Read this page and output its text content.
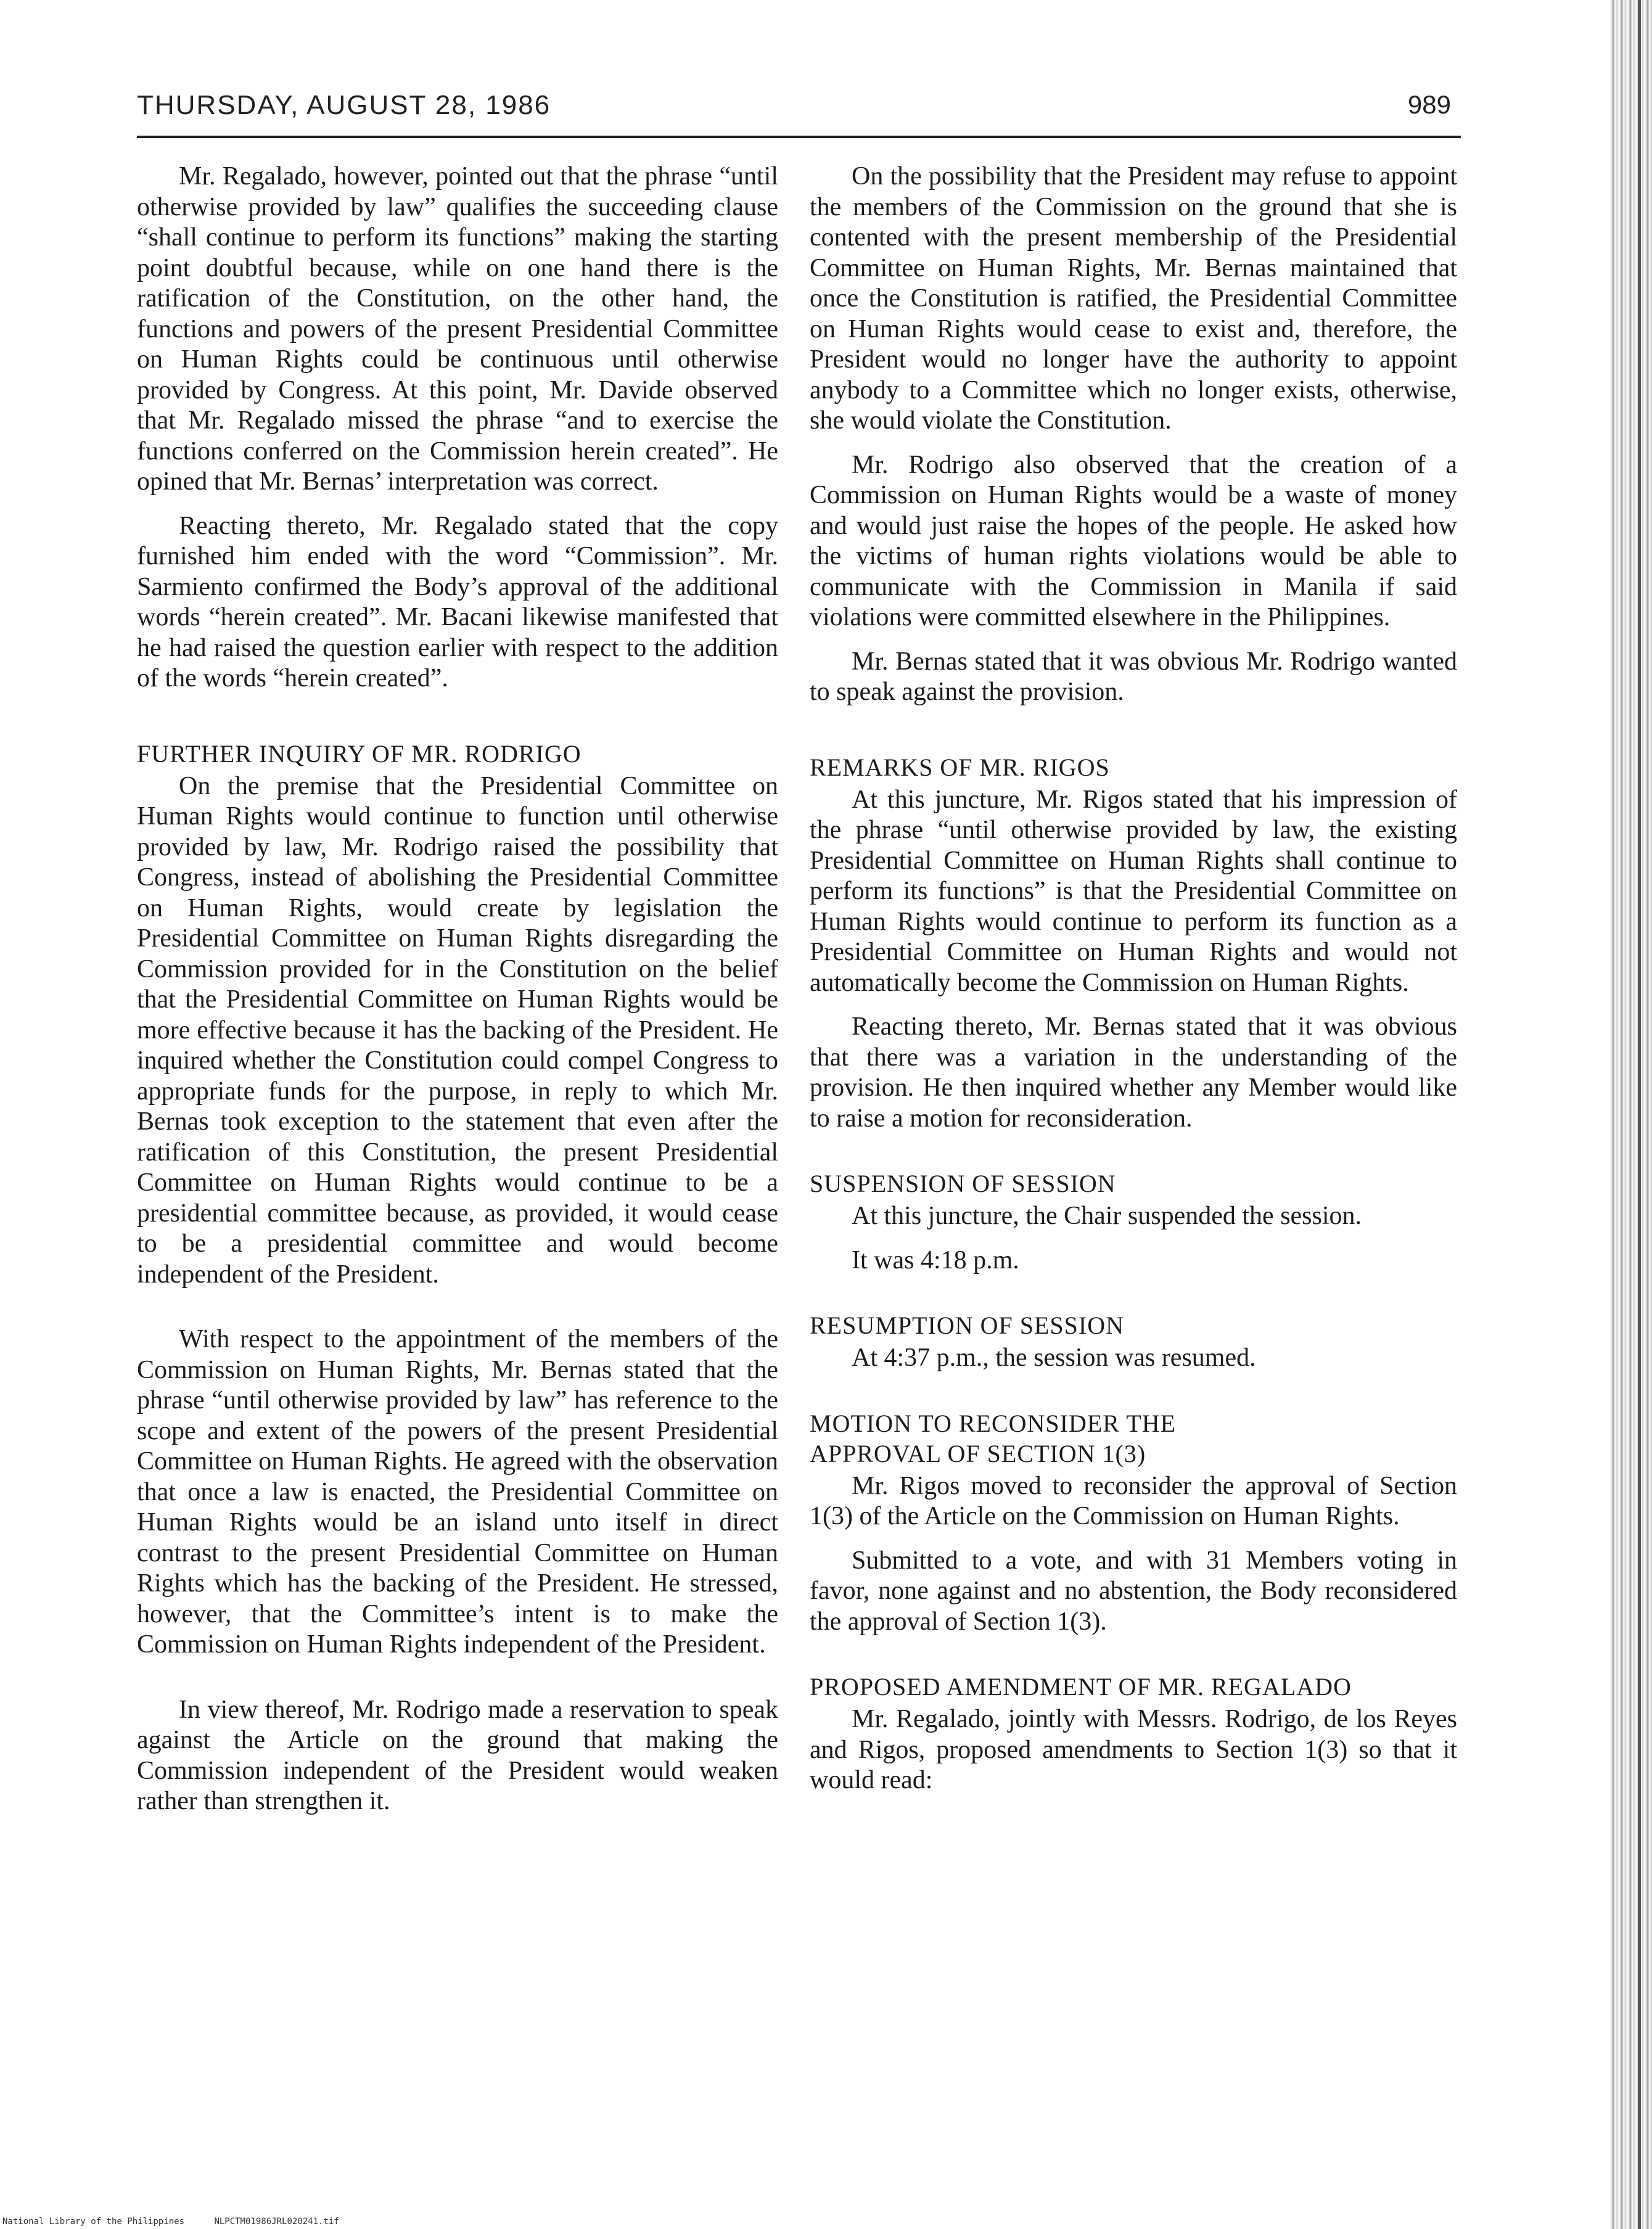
THURSDAY, AUGUST 28, 1986	989

Mr. Regalado, however, pointed out that the phrase “until otherwise provided by law” qualifies the succeeding clause “shall continue to perform its functions” making the starting point doubtful because, while on one hand there is the ratification of the Constitution, on the other hand, the functions and powers of the present Presidential Committee on Human Rights could be continuous until otherwise provided by Congress. At this point, Mr. Davide observed that Mr. Regalado missed the phrase “and to exercise the functions conferred on the Commission herein created”. He opined that Mr. Bernas’ interpretation was correct.

Reacting thereto, Mr. Regalado stated that the copy furnished him ended with the word “Commission”. Mr. Sarmiento confirmed the Body’s approval of the additional words “herein created”. Mr. Bacani likewise manifested that he had raised the question earlier with respect to the addition of the words “herein created”.

FURTHER INQUIRY OF MR. RODRIGO

On the premise that the Presidential Committee on Human Rights would continue to function until otherwise provided by law, Mr. Rodrigo raised the possibility that Congress, instead of abolishing the Presidential Committee on Human Rights, would create by legislation the Presidential Committee on Human Rights disregarding the Commission provided for in the Constitution on the belief that the Presidential Committee on Human Rights would be more effective because it has the backing of the President. He inquired whether the Constitution could compel Congress to appropriate funds for the purpose, in reply to which Mr. Bernas took exception to the statement that even after the ratification of this Constitution, the present Presidential Committee on Human Rights would continue to be a presidential committee because, as provided, it would cease to be a presidential committee and would become independent of the President.

With respect to the appointment of the members of the Commission on Human Rights, Mr. Bernas stated that the phrase “until otherwise provided by law” has reference to the scope and extent of the powers of the present Presidential Committee on Human Rights. He agreed with the observation that once a law is enacted, the Presidential Committee on Human Rights would be an island unto itself in direct contrast to the present Presidential Committee on Human Rights which has the backing of the President. He stressed, however, that the Committee’s intent is to make the Commission on Human Rights independent of the President.

In view thereof, Mr. Rodrigo made a reservation to speak against the Article on the ground that making the Commission independent of the President would weaken rather than strengthen it.

On the possibility that the President may refuse to appoint the members of the Commission on the ground that she is contented with the present membership of the Presidential Committee on Human Rights, Mr. Bernas maintained that once the Constitution is ratified, the Presidential Committee on Human Rights would cease to exist and, therefore, the President would no longer have the authority to appoint anybody to a Committee which no longer exists, otherwise, she would violate the Constitution.

Mr. Rodrigo also observed that the creation of a Commission on Human Rights would be a waste of money and would just raise the hopes of the people. He asked how the victims of human rights violations would be able to communicate with the Commission in Manila if said violations were committed elsewhere in the Philippines.

Mr. Bernas stated that it was obvious Mr. Rodrigo wanted to speak against the provision.

REMARKS OF MR. RIGOS

At this juncture, Mr. Rigos stated that his impression of the phrase “until otherwise provided by law, the existing Presidential Committee on Human Rights shall continue to perform its functions” is that the Presidential Committee on Human Rights would continue to perform its function as a Presidential Committee on Human Rights and would not automatically become the Commission on Human Rights.

Reacting thereto, Mr. Bernas stated that it was obvious that there was a variation in the understanding of the provision. He then inquired whether any Member would like to raise a motion for reconsideration.

SUSPENSION OF SESSION

At this juncture, the Chair suspended the session.

It was 4:18 p.m.

RESUMPTION OF SESSION

At 4:37 p.m., the session was resumed.

MOTION TO RECONSIDER THE
APPROVAL OF SECTION 1(3)

Mr. Rigos moved to reconsider the approval of Section 1(3) of the Article on the Commission on Human Rights.

Submitted to a vote, and with 31 Members voting in favor, none against and no abstention, the Body reconsidered the approval of Section 1(3).

PROPOSED AMENDMENT OF MR. REGALADO

Mr. Regalado, jointly with Messrs. Rodrigo, de los Reyes and Rigos, proposed amendments to Section 1(3) so that it would read:

National Library of the Philippines	NLPCTM01986JRL020241.tif
